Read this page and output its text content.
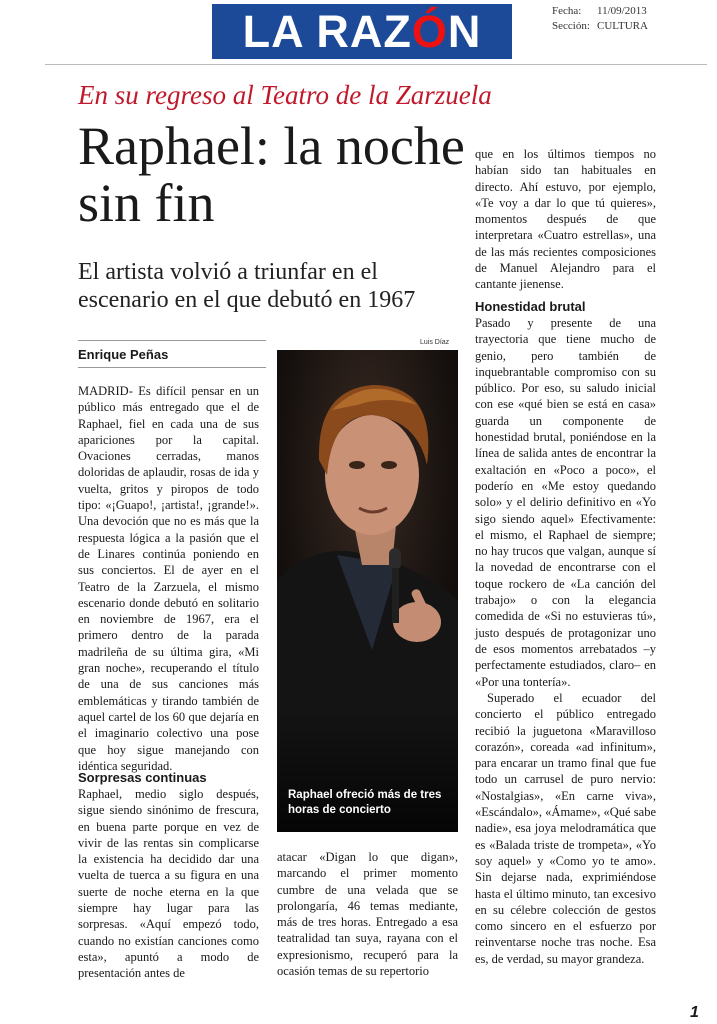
LA RAZ Ó N	Fecha: 11/09/2013
Sección: CULTURA
En su regreso al Teatro de la Zarzuela
Raphael: la noche sin fin
El artista volvió a triunfar en el escenario en el que debutó en 1967
Enrique Peñas
Luis Díaz
Raphael ofreció más de tres horas de concierto

MADRID- Es difícil pensar en un público más entregado que el de Raphael, fiel en cada una de sus apariciones por la capital. Ovaciones cerradas, manos doloridas de aplaudir, rosas de ida y vuelta, gritos y piropos de todo tipo: «¡Guapo!, ¡artista!, ¡grande!». Una devoción que no es más que la respuesta lógica a la pasión que el de Linares continúa poniendo en sus conciertos. El de ayer en el Teatro de la Zarzuela, el mismo escenario donde debutó en solitario en noviembre de 1967, era el primero dentro de la parada madrileña de su última gira, «Mi gran noche», recuperando el título de una de sus canciones más emblemáticas y tirando también de aquel cartel de los 60 que dejaría en el imaginario colectivo una pose que hoy sigue manejando con idéntica seguridad.

Sorpresas continuas

Raphael, medio siglo después, sigue siendo sinónimo de frescura, en buena parte porque en vez de vivir de las rentas sin complicarse la existencia ha decidido dar una vuelta de tuerca a su figura en una suerte de noche eterna en la que siempre hay lugar para las sorpresas. «Aquí empezó todo, cuando no existían canciones como esta», apuntó a modo de presentación antes de

atacar «Digan lo que digan», marcando el primer momento cumbre de una velada que se prolongaría, 46 temas mediante, más de tres horas. Entregado a esa teatralidad tan suya, rayana con el expresionismo, recuperó para la ocasión temas de su repertorio

que en los últimos tiempos no habían sido tan habituales en directo. Ahí estuvo, por ejemplo, «Te voy a dar lo que tú quieres», momentos después de que interpretara «Cuatro estrellas», una de las más recientes composiciones de Manuel Alejandro para el cantante jienense.

Honestidad brutal

Pasado y presente de una trayectoria que tiene mucho de genio, pero también de inquebrantable compromiso con su público. Por eso, su saludo inicial con ese «qué bien se está en casa» guarda un componente de honestidad brutal, poniéndose en la línea de salida antes de encontrar la exaltación en «Poco a poco», el poderío en «Me estoy quedando solo» y el delirio definitivo en «Yo sigo siendo aquel» Efectivamente: el mismo, el Raphael de siempre; no hay trucos que valgan, aunque sí la novedad de encontrarse con el toque rockero de «La canción del trabajo» o con la elegancia comedida de «Si no estuvieras tú», justo después de protagonizar uno de esos momentos arrebatados –y perfectamente estudiados, claro– en «Por una tontería».

Superado el ecuador del concierto el público entregado recibió la juguetona «Maravilloso corazón», coreada «ad infinitum», para encarar un tramo final que fue todo un carrusel de puro nervio: «Nostalgias», «En carne viva», «Escándalo», «Ámame», «Qué sabe nadie», esa joya melodramática que es «Balada triste de trompeta», «Yo soy aquel» y «Como yo te amo». Sin dejarse nada, exprimiéndose hasta el último minuto, tan excesivo en su célebre colección de gestos como sincero en el esfuerzo por reinventarse noche tras noche. Esa es, de verdad, su mayor grandeza.

1
